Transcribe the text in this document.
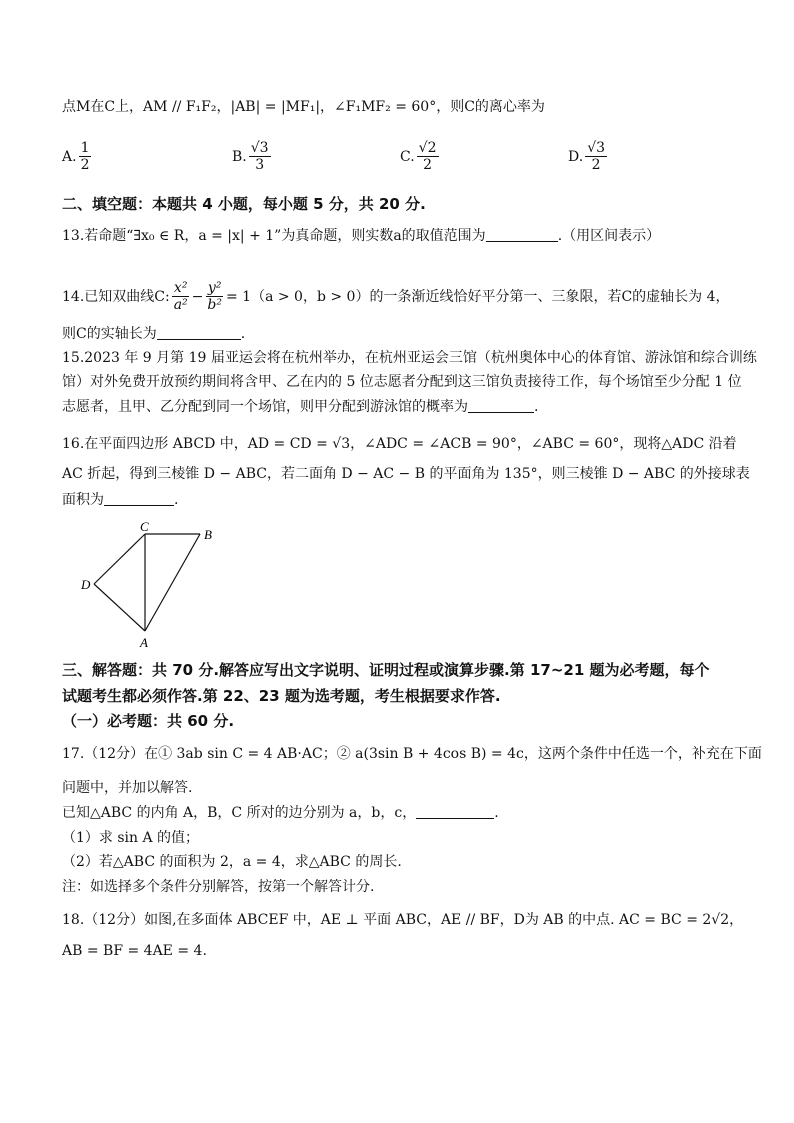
点M在C上，AM // F₁F₂，|AB| = |MF₁|，∠F₁MF₂ = 60°，则C的离心率为
A. $\frac{1}{2}$	B. $\frac{√3}{3}$	C. $\frac{√2}{2}$	D. $\frac{√3}{2}$
二、填空题：本题共 4 小题，每小题 5 分，共 20 分.
13.若命题“∃x₀ ∈ R，a = |x| + 1”为真命题，则实数a的取值范围为	.（用区间表示）
14.已知双曲线C: $\frac{\text{x²}}{\text{a²}} - \frac{\text{y²}}{\text{b²}} = 1(a > 0$，b > 0）的一条渐近线恰好平分第一、三象限，若C的虚轴长为 4，
则C的实轴长为	.
15.2023 年 9 月第 19 届亚运会将在杭州举办，在杭州亚运会三馆（杭州奥体中心的体育馆、游泳馆和综合训练
馆）对外免费开放预约期间将含甲、乙在内的 5 位志愿者分配到这三馆负责接待工作，每个场馆至少分配 1 位
志愿者，且甲、乙分配到同一个场馆，则甲分配到游泳馆的概率为	.
16.在平面四边形 ABCD 中，AD = CD = √3，∠ADC = ∠ACB = 90°，∠ABC = 60°，现将△ADC 沿着
AC 折起，得到三棱锥 D − ABC，若二面角 D − AC − B 的平面角为 135°，则三棱锥 D − ABC 的外接球表
面积为	.
C
B
D
A
三、解答题：共 70 分.解答应写出文字说明、证明过程或演算步骤.第 17~21 题为必考题，每个
试题考生都必须作答.第 22、23 题为选考题，考生根据要求作答.
（一）必考题：共 60 分.
17.（12分）在① 3ab sin C = 4 AB·AC；② a(3sin B + 4cos B) = 4c，这两个条件中任选一个，补充在下面
问题中，并加以解答.
已知△ABC 的内角 A，B，C 所对的边分别为 a，b，c，	.
（1）求 sin A 的值；
（2）若△ABC 的面积为 2，a = 4，求△ABC 的周长.
注：如选择多个条件分别解答，按第一个解答计分.
18.（12分）如图,在多面体 ABCEF 中，AE ⊥ 平面 ABC，AE // BF，D为 AB 的中点. AC = BC = 2√2，
AB = BF = 4AE = 4.
